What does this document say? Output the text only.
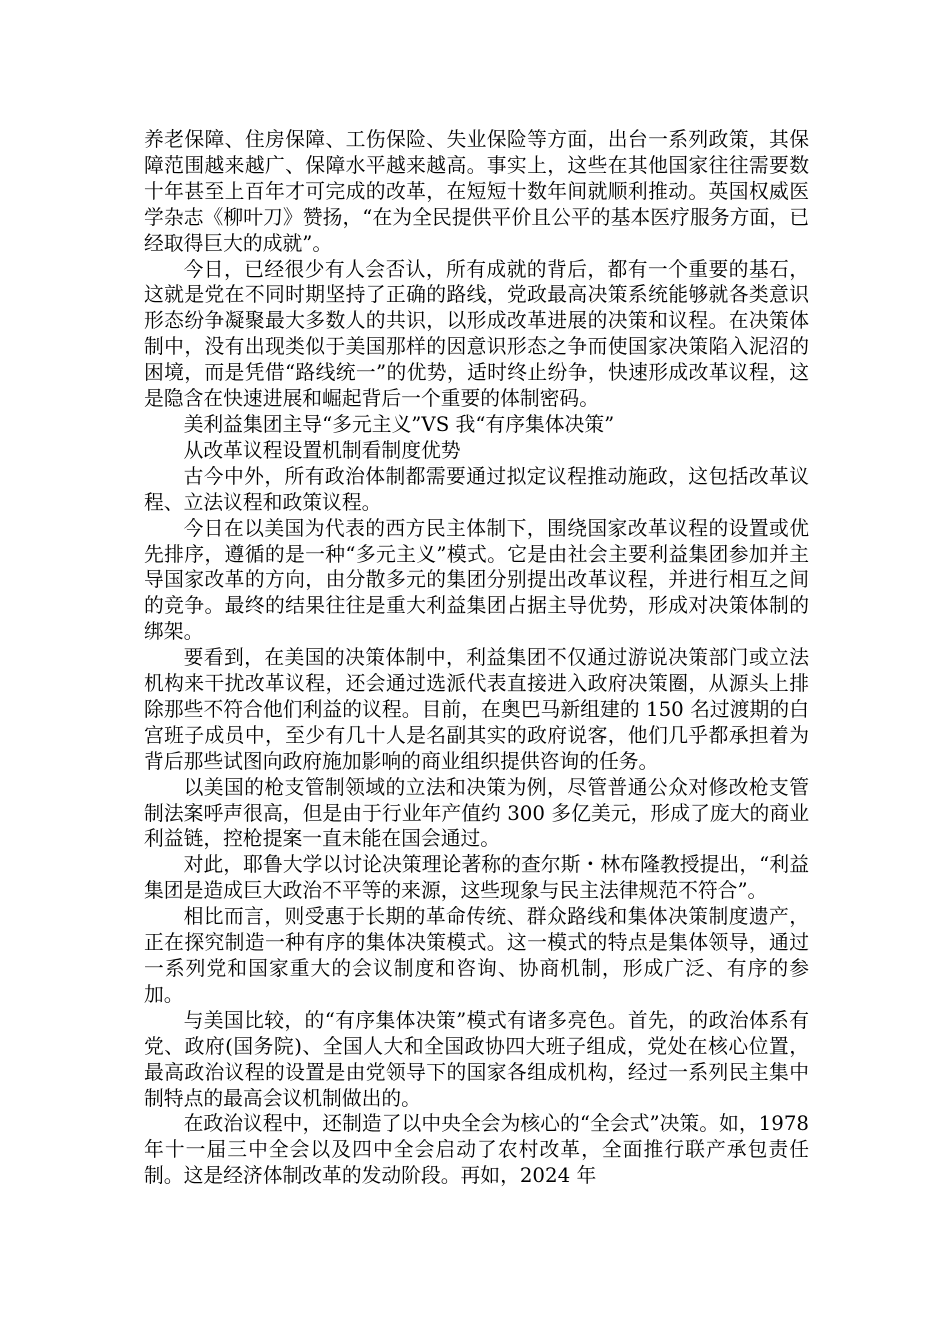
养老保障、住房保障、工伤保险、失业保险等方面，出台一系列政策，其保障范围越来越广、保障水平越来越高。事实上，这些在其他国家往往需要数十年甚至上百年才可完成的改革，在短短十数年间就顺利推动。英国权威医学杂志《柳叶刀》赞扬，“在为全民提供平价且公平的基本医疗服务方面，已经取得巨大的成就”。

今日，已经很少有人会否认，所有成就的背后，都有一个重要的基石，这就是党在不同时期坚持了正确的路线，党政最高决策系统能够就各类意识形态纷争凝聚最大多数人的共识，以形成改革进展的决策和议程。在决策体制中，没有出现类似于美国那样的因意识形态之争而使国家决策陷入泥沼的困境，而是凭借“路线统一”的优势，适时终止纷争，快速形成改革议程，这是隐含在快速进展和崛起背后一个重要的体制密码。

美利益集团主导“多元主义”VS 我“有序集体决策”

从改革议程设置机制看制度优势

古今中外，所有政治体制都需要通过拟定议程推动施政，这包括改革议程、立法议程和政策议程。

今日在以美国为代表的西方民主体制下，围绕国家改革议程的设置或优先排序，遵循的是一种“多元主义”模式。它是由社会主要利益集团参加并主导国家改革的方向，由分散多元的集团分别提出改革议程，并进行相互之间的竞争。最终的结果往往是重大利益集团占据主导优势，形成对决策体制的绑架。

要看到，在美国的决策体制中，利益集团不仅通过游说决策部门或立法机构来干扰改革议程，还会通过选派代表直接进入政府决策圈，从源头上排除那些不符合他们利益的议程。目前，在奥巴马新组建的 150 名过渡期的白宫班子成员中，至少有几十人是名副其实的政府说客，他们几乎都承担着为背后那些试图向政府施加影响的商业组织提供咨询的任务。

以美国的枪支管制领域的立法和决策为例，尽管普通公众对修改枪支管制法案呼声很高，但是由于行业年产值约 300 多亿美元，形成了庞大的商业利益链，控枪提案一直未能在国会通过。

对此，耶鲁大学以讨论决策理论著称的查尔斯・林布隆教授提出，“利益集团是造成巨大政治不平等的来源，这些现象与民主法律规范不符合”。

相比而言，则受惠于长期的革命传统、群众路线和集体决策制度遗产，正在探究制造一种有序的集体决策模式。这一模式的特点是集体领导，通过一系列党和国家重大的会议制度和咨询、协商机制，形成广泛、有序的参加。

与美国比较，的“有序集体决策”模式有诸多亮色。首先，的政治体系有党、政府(国务院)、全国人大和全国政协四大班子组成，党处在核心位置，最高政治议程的设置是由党领导下的国家各组成机构，经过一系列民主集中制特点的最高会议机制做出的。

在政治议程中，还制造了以中央全会为核心的“全会式”决策。如，1978 年十一届三中全会以及四中全会启动了农村改革，全面推行联产承包责任制。这是经济体制改革的发动阶段。再如，2024 年
